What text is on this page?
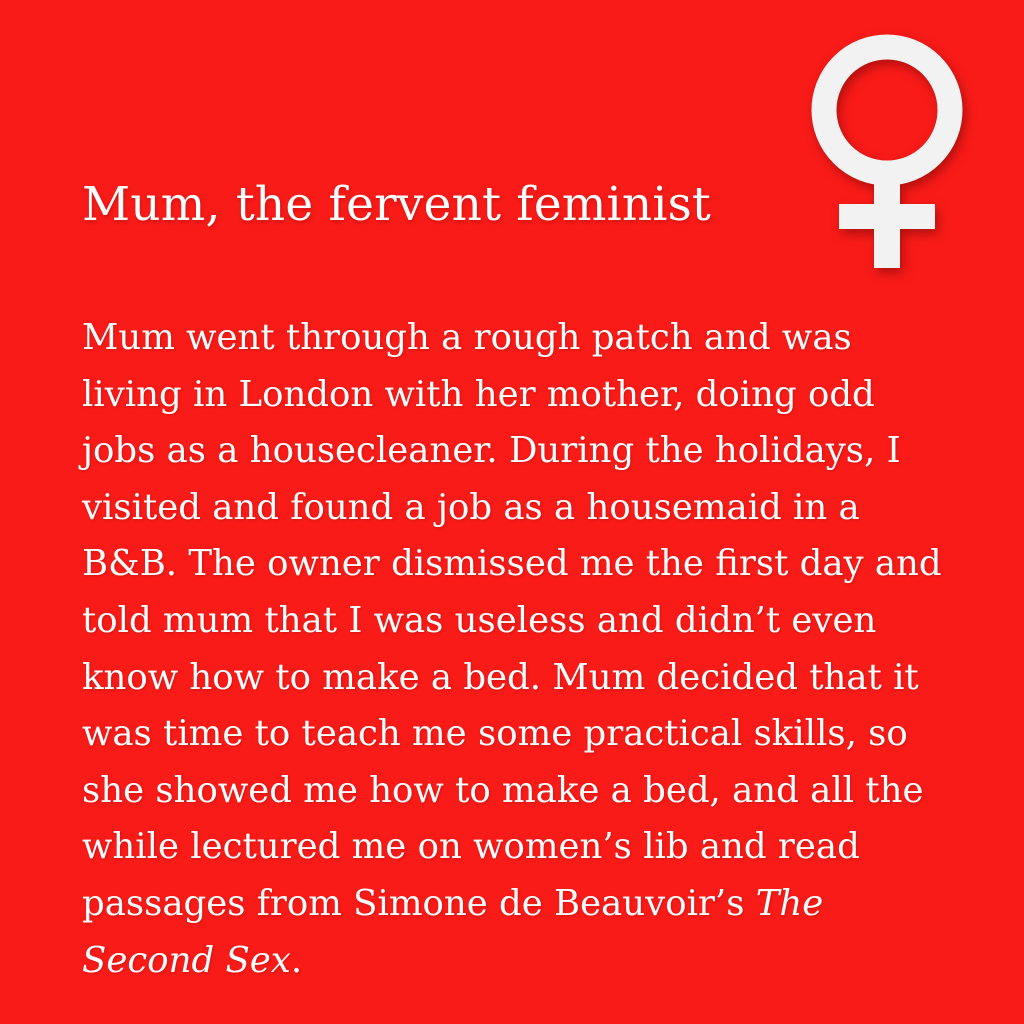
Mum, the fervent feminist

Mum went through a rough patch and was living in London with her mother, doing odd jobs as a housecleaner. During the holidays, I visited and found a job as a housemaid in a B&B. The owner dismissed me the first day and told mum that I was useless and didn’t even know how to make a bed. Mum decided that it was time to teach me some practical skills, so she showed me how to make a bed, and all the while lectured me on women’s lib and read passages from Simone de Beauvoir’s The Second Sex.
